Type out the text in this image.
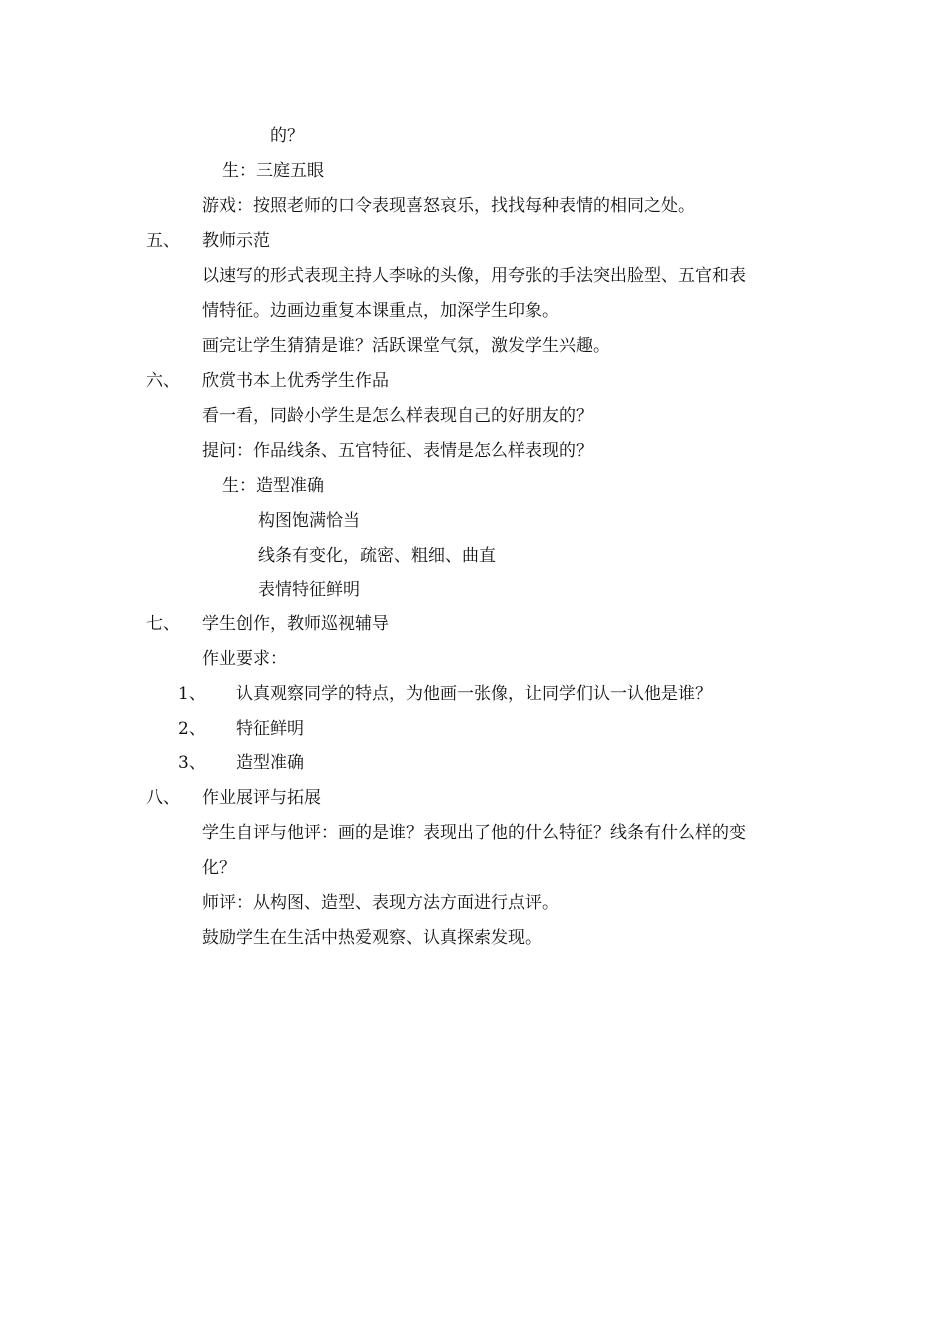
的？
生：三庭五眼
游戏：按照老师的口令表现喜怒哀乐，找找每种表情的相同之处。
五、 教师示范
以速写的形式表现主持人李咏的头像，用夸张的手法突出脸型、五官和表
情特征。边画边重复本课重点，加深学生印象。
画完让学生猜猜是谁？活跃课堂气氛，激发学生兴趣。
六、 欣赏书本上优秀学生作品
看一看，同龄小学生是怎么样表现自己的好朋友的？
提问：作品线条、五官特征、表情是怎么样表现的？
生：造型准确
构图饱满恰当
线条有变化，疏密、粗细、曲直
表情特征鲜明
七、 学生创作，教师巡视辅导
作业要求：
1、 认真观察同学的特点，为他画一张像，让同学们认一认他是谁？
2、 特征鲜明
3、 造型准确
八、 作业展评与拓展
学生自评与他评：画的是谁？表现出了他的什么特征？线条有什么样的变
化？
师评：从构图、造型、表现方法方面进行点评。
鼓励学生在生活中热爱观察、认真探索发现。
